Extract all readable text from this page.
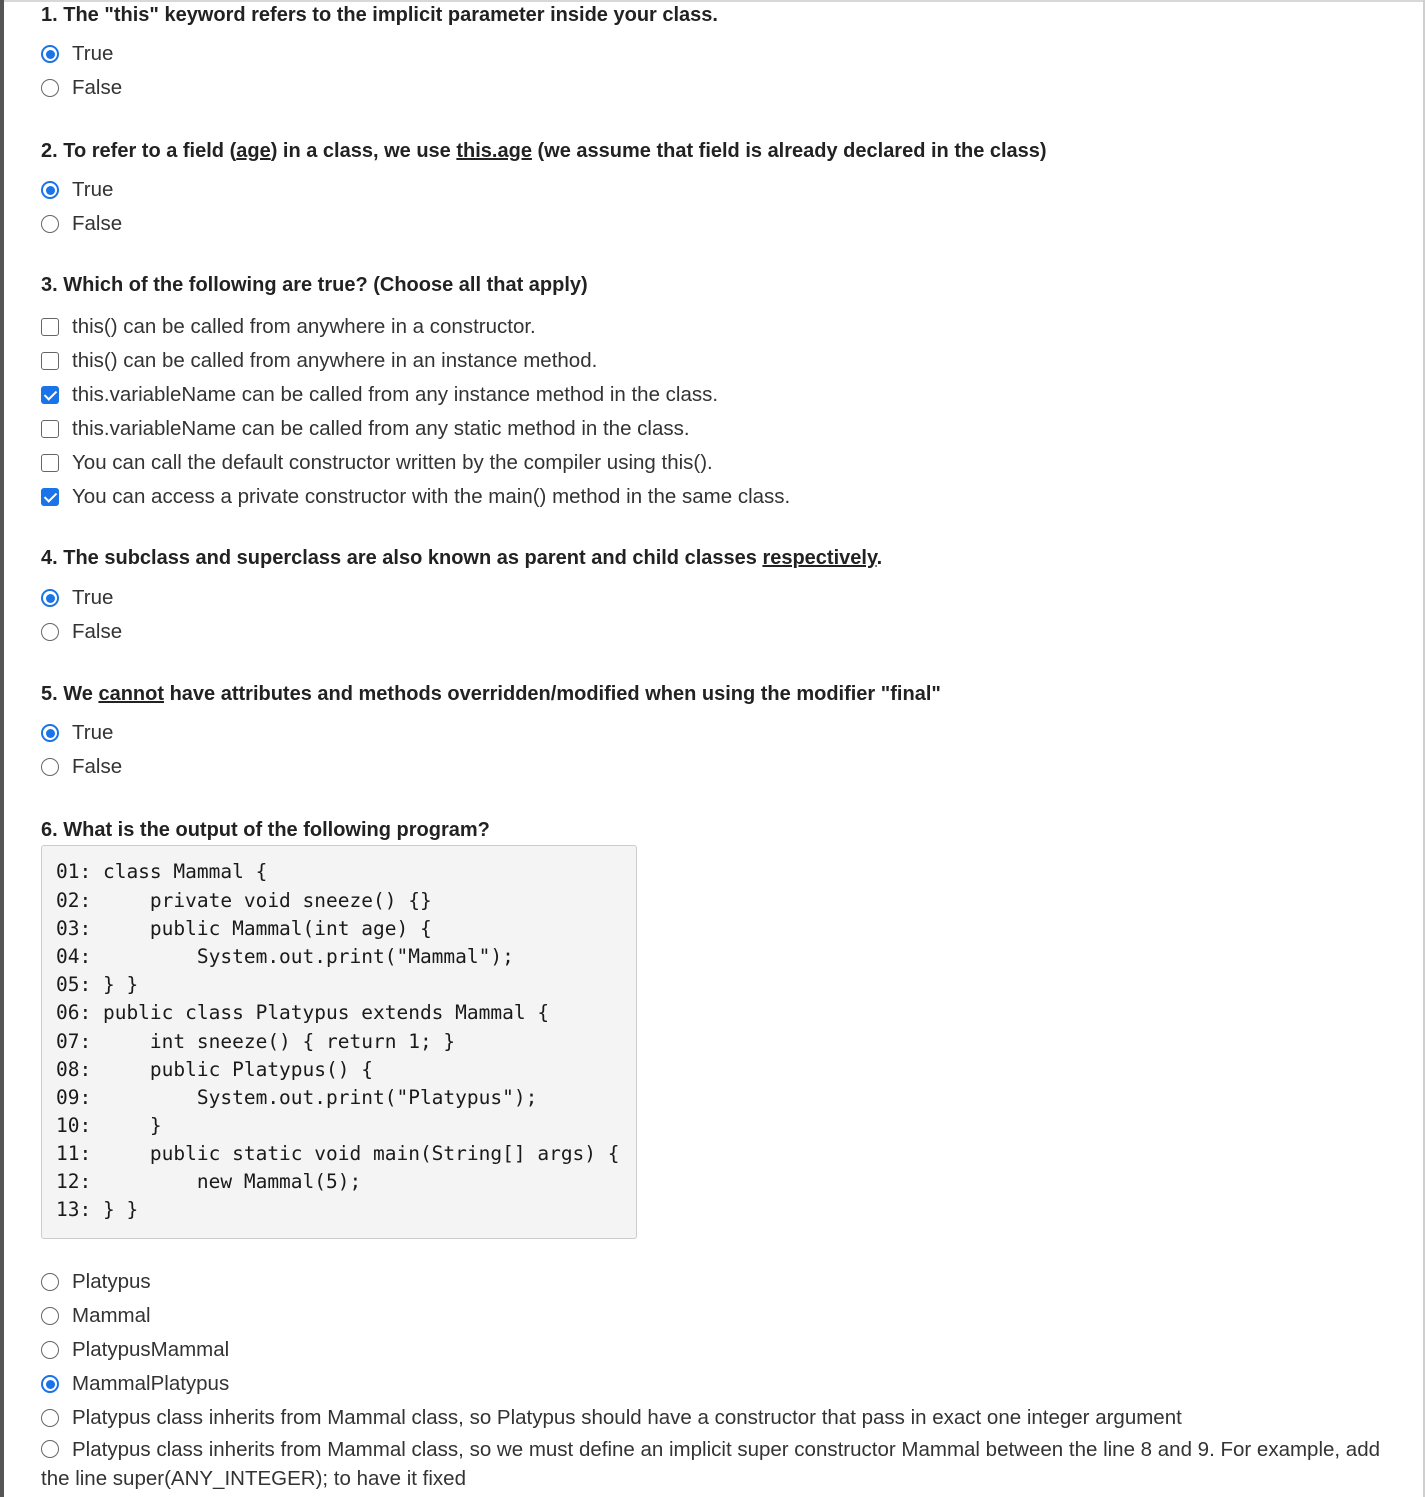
1. The "this" keyword refers to the implicit parameter inside your class.
True
False
2. To refer to a field (age) in a class, we use this.age (we assume that field is already declared in the class)
True
False
3. Which of the following are true? (Choose all that apply)
this() can be called from anywhere in a constructor.
this() can be called from anywhere in an instance method.
this.variableName can be called from any instance method in the class.
this.variableName can be called from any static method in the class.
You can call the default constructor written by the compiler using this().
You can access a private constructor with the main() method in the same class.
4. The subclass and superclass are also known as parent and child classes respectively.
True
False
5. We cannot have attributes and methods overridden/modified when using the modifier "final"
True
False
6. What is the output of the following program?
01: class Mammal {
02:     private void sneeze() {}
03:     public Mammal(int age) {
04:         System.out.print("Mammal");
05: } }
06: public class Platypus extends Mammal {
07:     int sneeze() { return 1; }
08:     public Platypus() {
09:         System.out.print("Platypus");
10:     }
11:     public static void main(String[] args) {
12:         new Mammal(5);
13: } }
Platypus
Mammal
PlatypusMammal
MammalPlatypus
Platypus class inherits from Mammal class, so Platypus should have a constructor that pass in exact one integer argument
Platypus class inherits from Mammal class, so we must define an implicit super constructor Mammal between the line 8 and 9. For example, add the line super(ANY_INTEGER); to have it fixed
